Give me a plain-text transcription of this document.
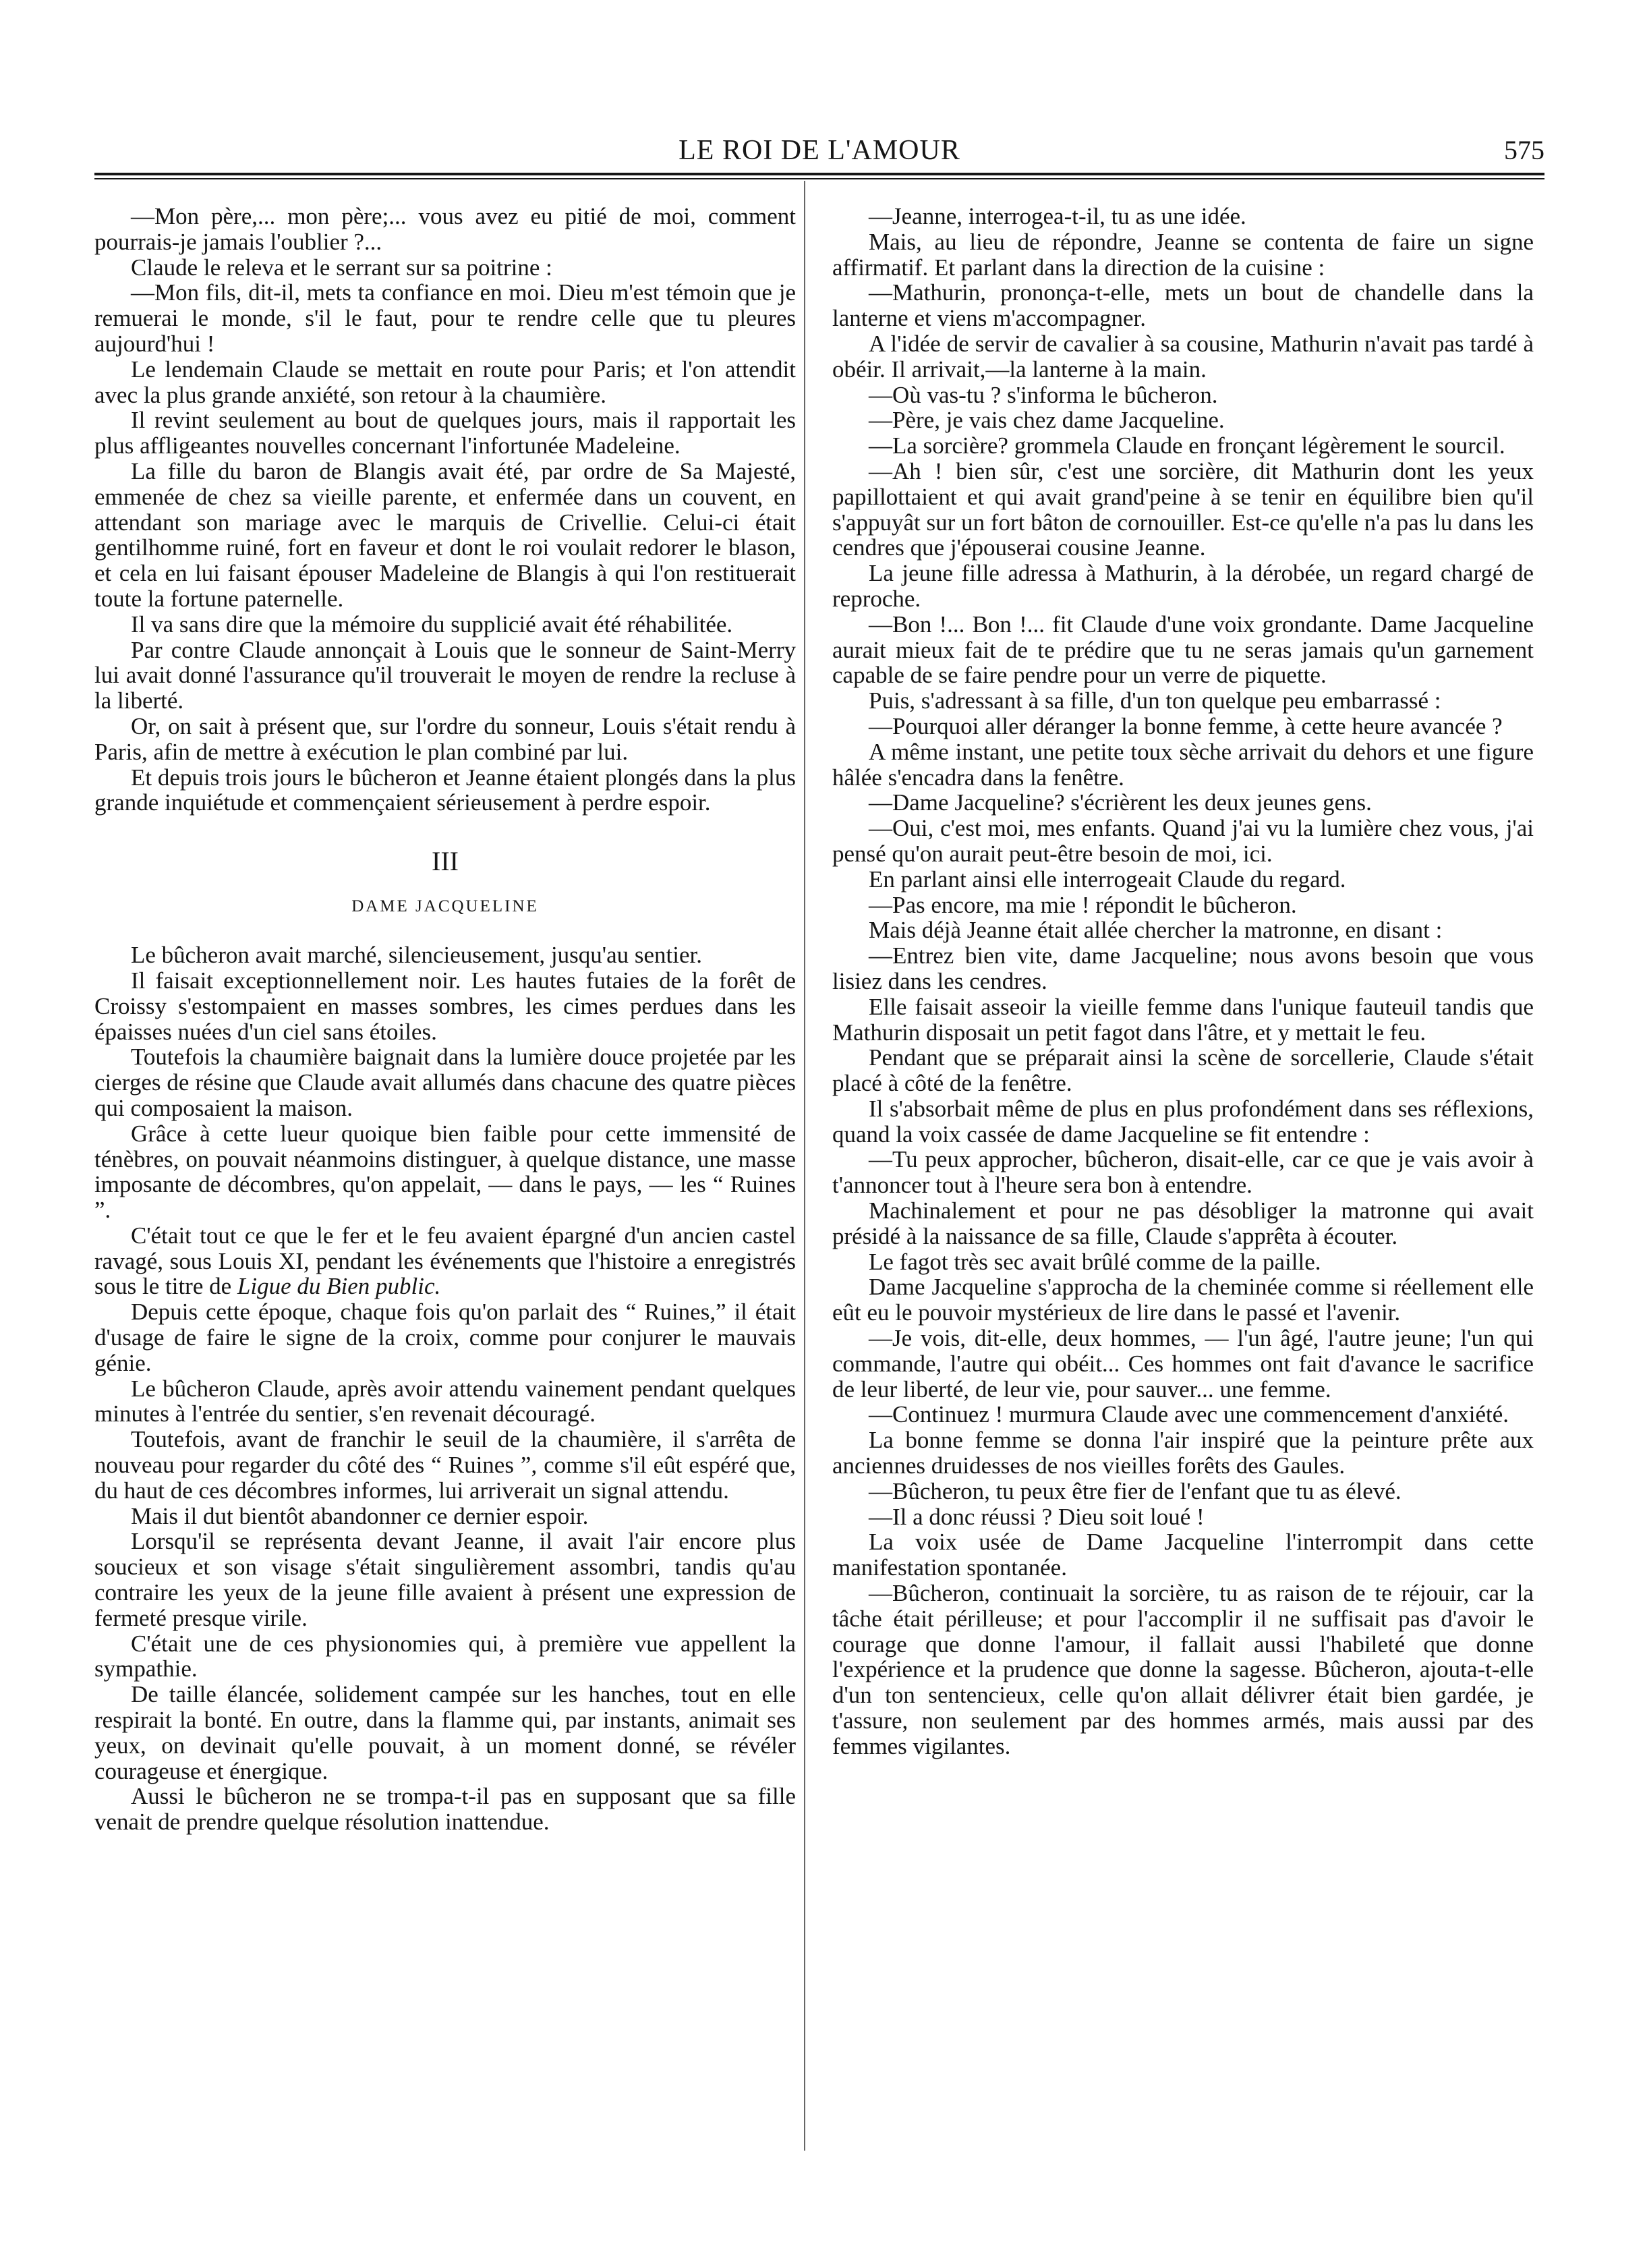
LE ROI DE L'AMOUR	575

—Mon père,... mon père;... vous avez eu pitié de moi, comment pourrais-je jamais l'oublier ?...

Claude le releva et le serrant sur sa poitrine :

—Mon fils, dit-il, mets ta confiance en moi. Dieu m'est témoin que je remuerai le monde, s'il le faut, pour te rendre celle que tu pleures aujourd'hui !

Le lendemain Claude se mettait en route pour Paris; et l'on attendit avec la plus grande anxiété, son retour à la chaumière.

Il revint seulement au bout de quelques jours, mais il rapportait les plus affligeantes nouvelles concernant l'infortunée Madeleine.

La fille du baron de Blangis avait été, par ordre de Sa Majesté, emmenée de chez sa vieille parente, et enfermée dans un couvent, en attendant son mariage avec le marquis de Crivellie. Celui-ci était gentilhomme ruiné, fort en faveur et dont le roi voulait redorer le blason, et cela en lui faisant épouser Madeleine de Blangis à qui l'on restituerait toute la fortune paternelle.

Il va sans dire que la mémoire du supplicié avait été réhabilitée.

Par contre Claude annonçait à Louis que le sonneur de Saint-Merry lui avait donné l'assurance qu'il trouverait le moyen de rendre la recluse à la liberté.

Or, on sait à présent que, sur l'ordre du sonneur, Louis s'était rendu à Paris, afin de mettre à exécution le plan combiné par lui.

Et depuis trois jours le bûcheron et Jeanne étaient plongés dans la plus grande inquiétude et commençaient sérieusement à perdre espoir.

III

DAME JACQUELINE

Le bûcheron avait marché, silencieusement, jusqu'au sentier.

Il faisait exceptionnellement noir. Les hautes futaies de la forêt de Croissy s'estompaient en masses sombres, les cimes perdues dans les épaisses nuées d'un ciel sans étoiles.

Toutefois la chaumière baignait dans la lumière douce projetée par les cierges de résine que Claude avait allumés dans chacune des quatre pièces qui composaient la maison.

Grâce à cette lueur quoique bien faible pour cette immensité de ténèbres, on pouvait néanmoins distinguer, à quelque distance, une masse imposante de décombres, qu'on appelait, — dans le pays, — les “ Ruines ”.

C'était tout ce que le fer et le feu avaient épargné d'un ancien castel ravagé, sous Louis XI, pendant les événements que l'histoire a enregistrés sous le titre de Ligue du Bien public.

Depuis cette époque, chaque fois qu'on parlait des “ Ruines,” il était d'usage de faire le signe de la croix, comme pour conjurer le mauvais génie.

Le bûcheron Claude, après avoir attendu vainement pendant quelques minutes à l'entrée du sentier, s'en revenait découragé.

Toutefois, avant de franchir le seuil de la chaumière, il s'arrêta de nouveau pour regarder du côté des “ Ruines ”, comme s'il eût espéré que, du haut de ces décombres informes, lui arriverait un signal attendu.

Mais il dut bientôt abandonner ce dernier espoir.

Lorsqu'il se représenta devant Jeanne, il avait l'air encore plus soucieux et son visage s'était singulièrement assombri, tandis qu'au contraire les yeux de la jeune fille avaient à présent une expression de fermeté presque virile.

C'était une de ces physionomies qui, à première vue appellent la sympathie.

De taille élancée, solidement campée sur les hanches, tout en elle respirait la bonté. En outre, dans la flamme qui, par instants, animait ses yeux, on devinait qu'elle pouvait, à un moment donné, se révéler courageuse et énergique.

Aussi le bûcheron ne se trompa-t-il pas en supposant que sa fille venait de prendre quelque résolution inattendue.

—Jeanne, interrogea-t-il, tu as une idée.

Mais, au lieu de répondre, Jeanne se contenta de faire un signe affirmatif. Et parlant dans la direction de la cuisine :

—Mathurin, prononça-t-elle, mets un bout de chandelle dans la lanterne et viens m'accompagner.

A l'idée de servir de cavalier à sa cousine, Mathurin n'avait pas tardé à obéir. Il arrivait,—la lanterne à la main.

—Où vas-tu ? s'informa le bûcheron.

—Père, je vais chez dame Jacqueline.

—La sorcière? grommela Claude en fronçant légèrement le sourcil.

—Ah ! bien sûr, c'est une sorcière, dit Mathurin dont les yeux papillottaient et qui avait grand'peine à se tenir en équilibre bien qu'il s'appuyât sur un fort bâton de cornouiller. Est-ce qu'elle n'a pas lu dans les cendres que j'épouserai cousine Jeanne.

La jeune fille adressa à Mathurin, à la dérobée, un regard chargé de reproche.

—Bon !... Bon !... fit Claude d'une voix grondante. Dame Jacqueline aurait mieux fait de te prédire que tu ne seras jamais qu'un garnement capable de se faire pendre pour un verre de piquette.

Puis, s'adressant à sa fille, d'un ton quelque peu embarrassé :

—Pourquoi aller déranger la bonne femme, à cette heure avancée ?

A même instant, une petite toux sèche arrivait du dehors et une figure hâlée s'encadra dans la fenêtre.

—Dame Jacqueline? s'écrièrent les deux jeunes gens.

—Oui, c'est moi, mes enfants. Quand j'ai vu la lumière chez vous, j'ai pensé qu'on aurait peut-être besoin de moi, ici.

En parlant ainsi elle interrogeait Claude du regard.

—Pas encore, ma mie ! répondit le bûcheron.

Mais déjà Jeanne était allée chercher la matronne, en disant :

—Entrez bien vite, dame Jacqueline; nous avons besoin que vous lisiez dans les cendres.

Elle faisait asseoir la vieille femme dans l'unique fauteuil tandis que Mathurin disposait un petit fagot dans l'âtre, et y mettait le feu.

Pendant que se préparait ainsi la scène de sorcellerie, Claude s'était placé à côté de la fenêtre.

Il s'absorbait même de plus en plus profondément dans ses réflexions, quand la voix cassée de dame Jacqueline se fit entendre :

—Tu peux approcher, bûcheron, disait-elle, car ce que je vais avoir à t'annoncer tout à l'heure sera bon à entendre.

Machinalement et pour ne pas désobliger la matronne qui avait présidé à la naissance de sa fille, Claude s'apprêta à écouter.

Le fagot très sec avait brûlé comme de la paille.

Dame Jacqueline s'approcha de la cheminée comme si réellement elle eût eu le pouvoir mystérieux de lire dans le passé et l'avenir.

—Je vois, dit-elle, deux hommes, — l'un âgé, l'autre jeune; l'un qui commande, l'autre qui obéit... Ces hommes ont fait d'avance le sacrifice de leur liberté, de leur vie, pour sauver... une femme.

—Continuez ! murmura Claude avec une commencement d'anxiété.

La bonne femme se donna l'air inspiré que la peinture prête aux anciennes druidesses de nos vieilles forêts des Gaules.

—Bûcheron, tu peux être fier de l'enfant que tu as élevé.

—Il a donc réussi ? Dieu soit loué !

La voix usée de Dame Jacqueline l'interrompit dans cette manifestation spontanée.

—Bûcheron, continuait la sorcière, tu as raison de te réjouir, car la tâche était périlleuse; et pour l'accomplir il ne suffisait pas d'avoir le courage que donne l'amour, il fallait aussi l'habileté que donne l'expérience et la prudence que donne la sagesse. Bûcheron, ajouta-t-elle d'un ton sentencieux, celle qu'on allait délivrer était bien gardée, je t'assure, non seulement par des hommes armés, mais aussi par des femmes vigilantes.
